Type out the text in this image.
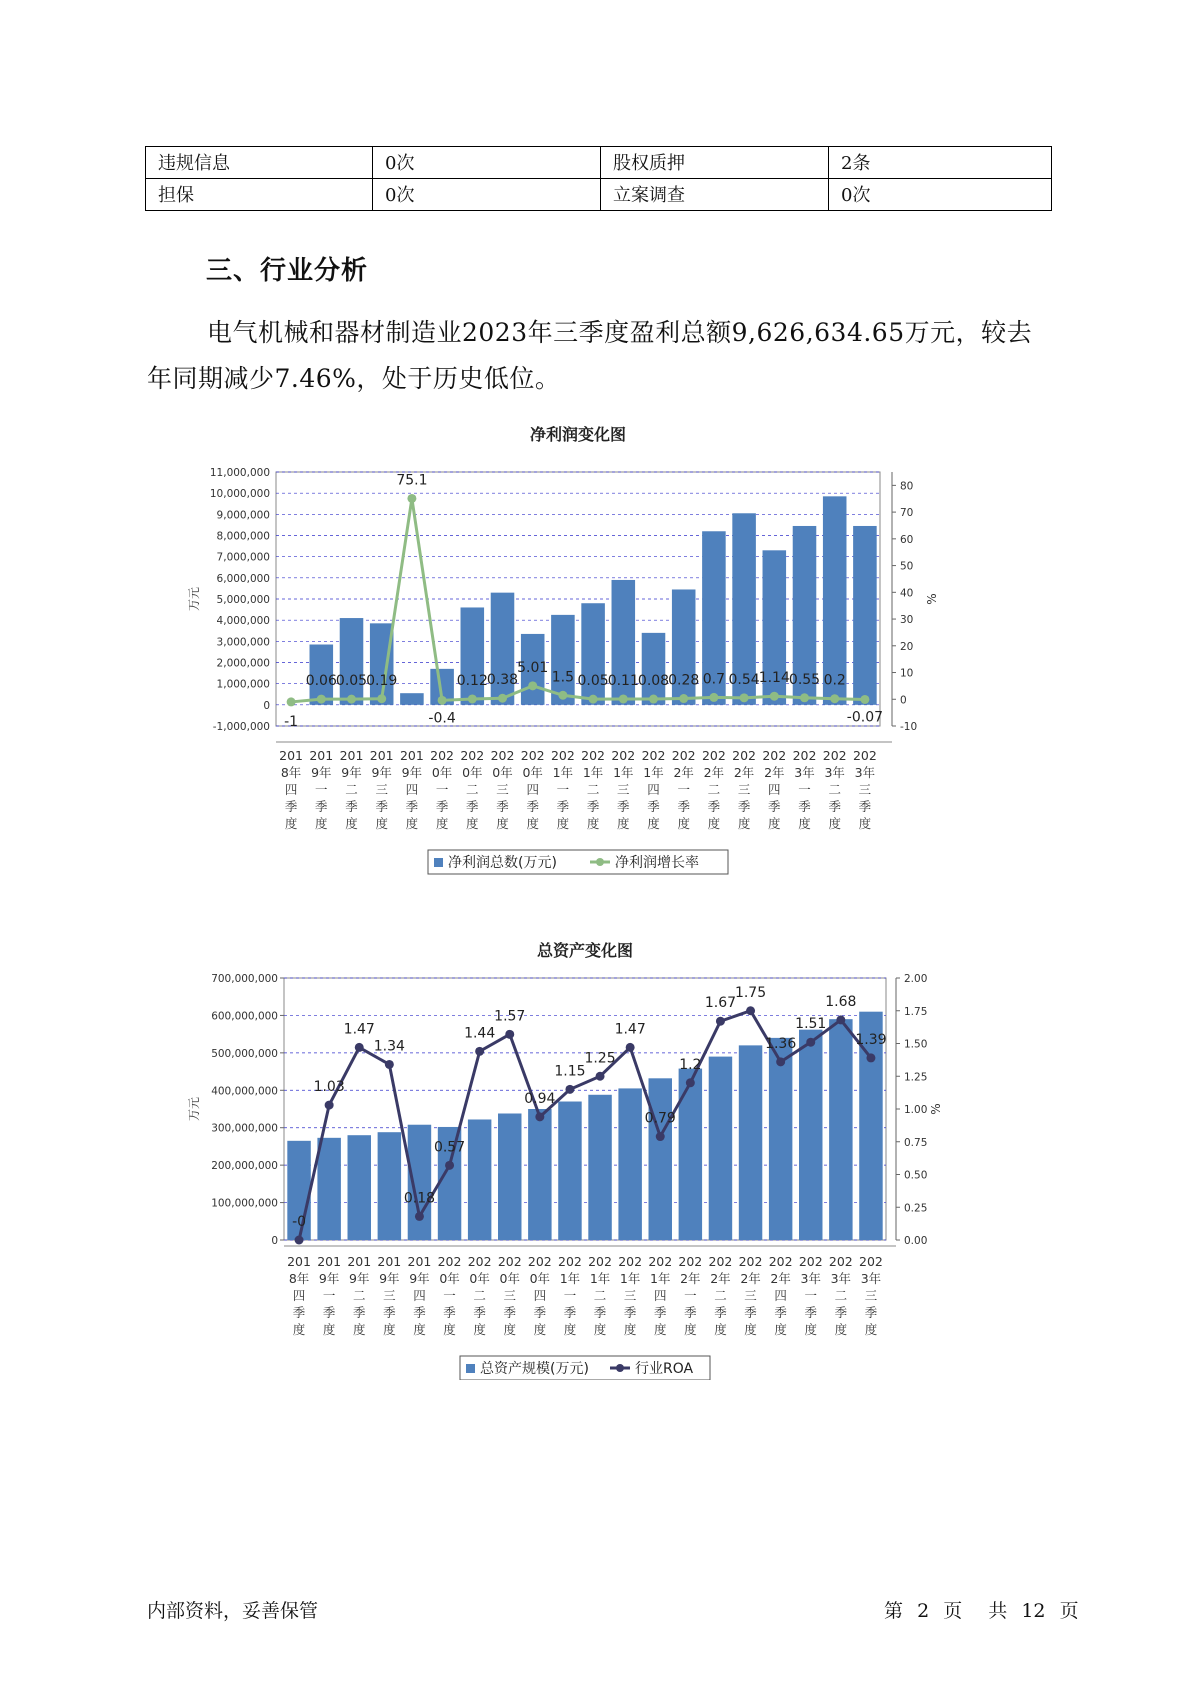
违规信息	0次	股权质押	2条
担保	0次	立案调查	0次
三、行业分析

电气机械和器材制造业2023年三季度盈利总额9,626,634.65万元，较去年同期减少7.46%，处于历史低位。

净利润变化图
11,000,000
10,000,000
9,000,000
8,000,000
7,000,000
6,000,000
5,000,000
4,000,000
3,000,000
2,000,000
1,000,000
0
-1,000,000
80
70
60
50
40
30
20
10
0
-10
万元	%
-1
0.06 0.05 0.19
75.1
-0.4
0.12 0.38
5.01
1.5 0.05 0.11 0.08 0.28 0.7 0.54 1.14 0.55 0.2
-0.07
201 8年四季度
201 9年一季度
201 9年二季度
201 9年三季度
201 9年四季度
202 0年一季度
202 0年二季度
202 0年三季度
202 0年四季度
202 1年一季度
202 1年二季度
202 1年三季度
202 1年四季度
202 2年一季度
202 2年二季度
202 2年三季度
202 2年四季度
202 3年一季度
202 3年二季度
202 3年三季度
净利润总数(万元)	净利润增长率
总资产变化图
700,000,000
600,000,000
500,000,000
400,000,000
300,000,000
200,000,000
100,000,000
0
2.00
1.75
1.50
1.25
1.00
0.75
0.50
0.25
0.00
万元	%
-0
1.03
1.47
1.34
0.18
0.57
1.44
1.57
0.94
1.15
1.25
1.47
0.79
1.2
1.67
1.75
1.36
1.51
1.68
1.39
201 8年四季度
201 9年一季度
201 9年二季度
201 9年三季度
201 9年四季度
202 0年一季度
202 0年二季度
202 0年三季度
202 0年四季度
202 1年一季度
202 1年二季度
202 1年三季度
202 1年四季度
202 2年一季度
202 2年二季度
202 2年三季度
202 2年四季度
202 3年一季度
202 3年二季度
202 3年三季度
总资产规模(万元)	行业ROA
内部资料，妥善保管	第 2 页 共 12 页
